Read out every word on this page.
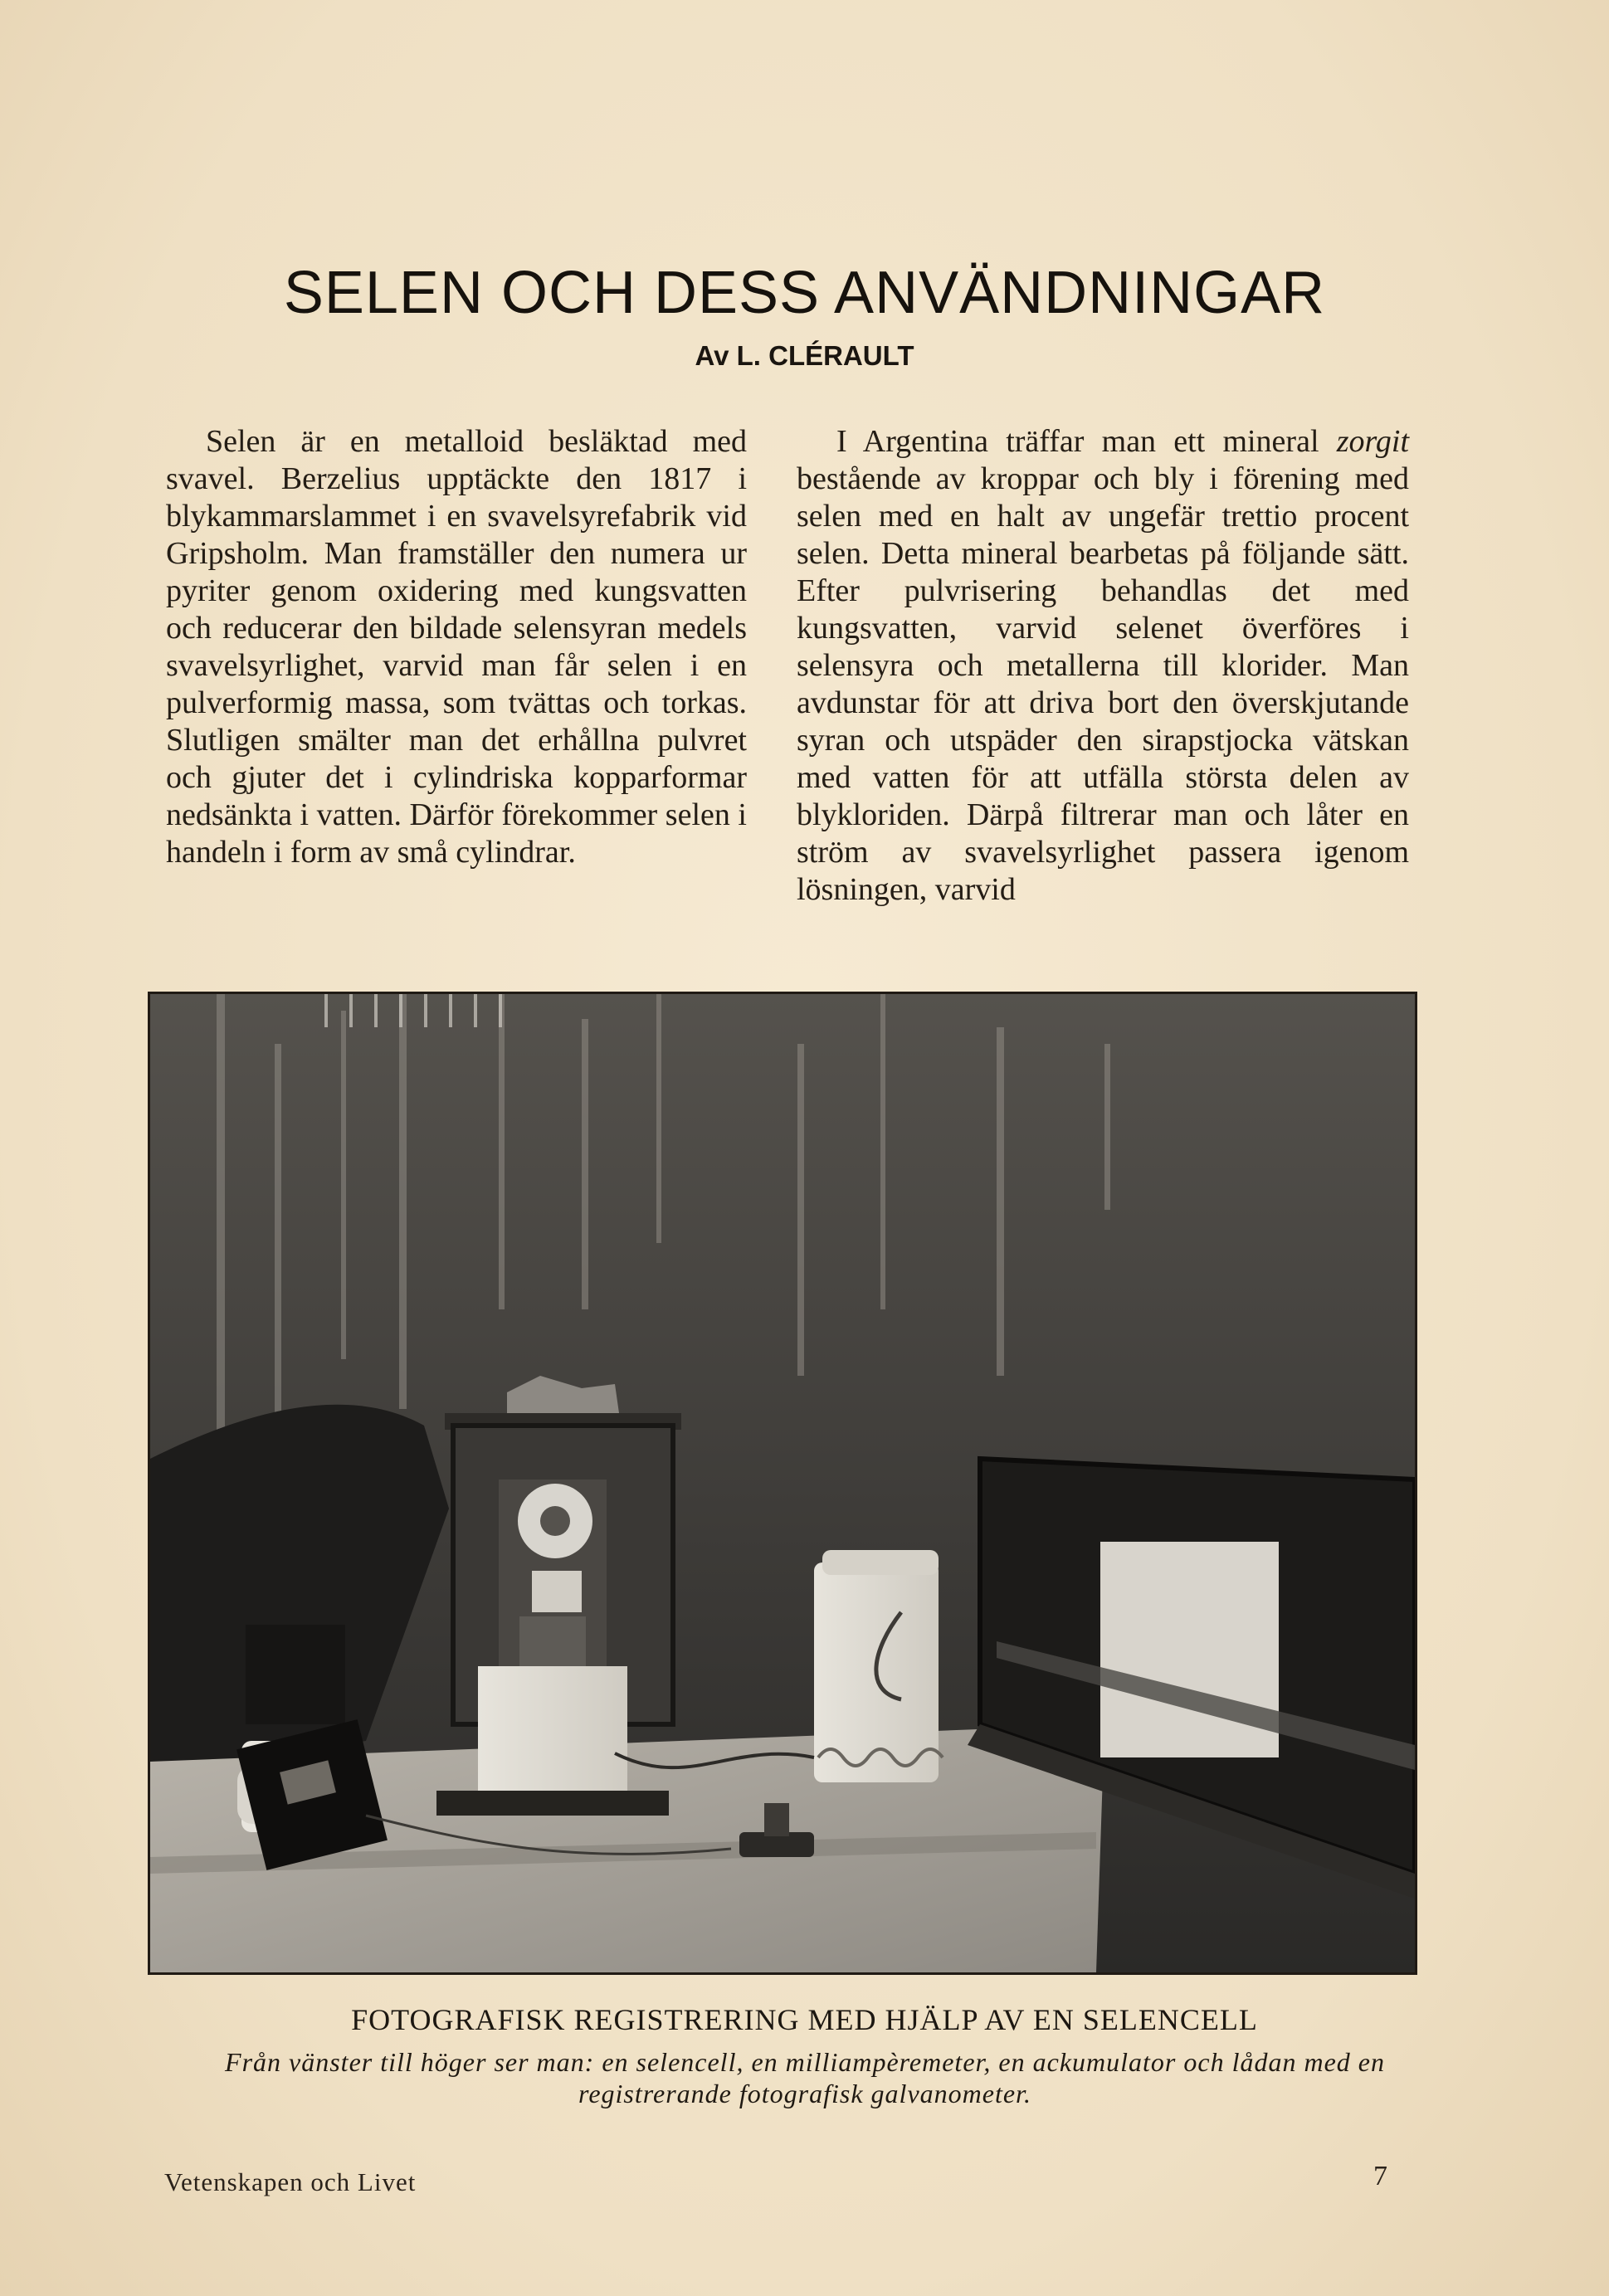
SELEN OCH DESS ANVÄNDNINGAR
Av L. CLÉRAULT

Selen är en metalloid besläktad med svavel. Berzelius upptäckte den 1817 i blykammarslammet i en svavelsyrefabrik vid Gripsholm. Man framställer den numera ur pyriter genom oxidering med kungsvatten och reducerar den bildade selensyran medels svavelsyrlighet, varvid man får selen i en pulverformig massa, som tvättas och torkas. Slutligen smälter man det erhållna pulvret och gjuter det i cylindriska kopparformar nedsänkta i vatten. Därför förekommer selen i handeln i form av små cylindrar.

I Argentina träffar man ett mineral zorgit bestående av kroppar och bly i förening med selen med en halt av ungefär trettio procent selen. Detta mineral bearbetas på följande sätt. Efter pulvrisering behandlas det med kungsvatten, varvid selenet överföres i selensyra och metallerna till klorider. Man avdunstar för att driva bort den överskjutande syran och utspäder den sirapstjocka vätskan med vatten för att utfälla största delen av blykloriden. Därpå filtrerar man och låter en ström av svavelsyrlighet passera igenom lösningen, varvid

FOTOGRAFISK REGISTRERING MED HJÄLP AV EN SELENCELL
Från vänster till höger ser man: en selencell, en milliampèremeter, en ackumulator och lådan med en registrerande fotografisk galvanometer.
Vetenskapen och Livet	7
